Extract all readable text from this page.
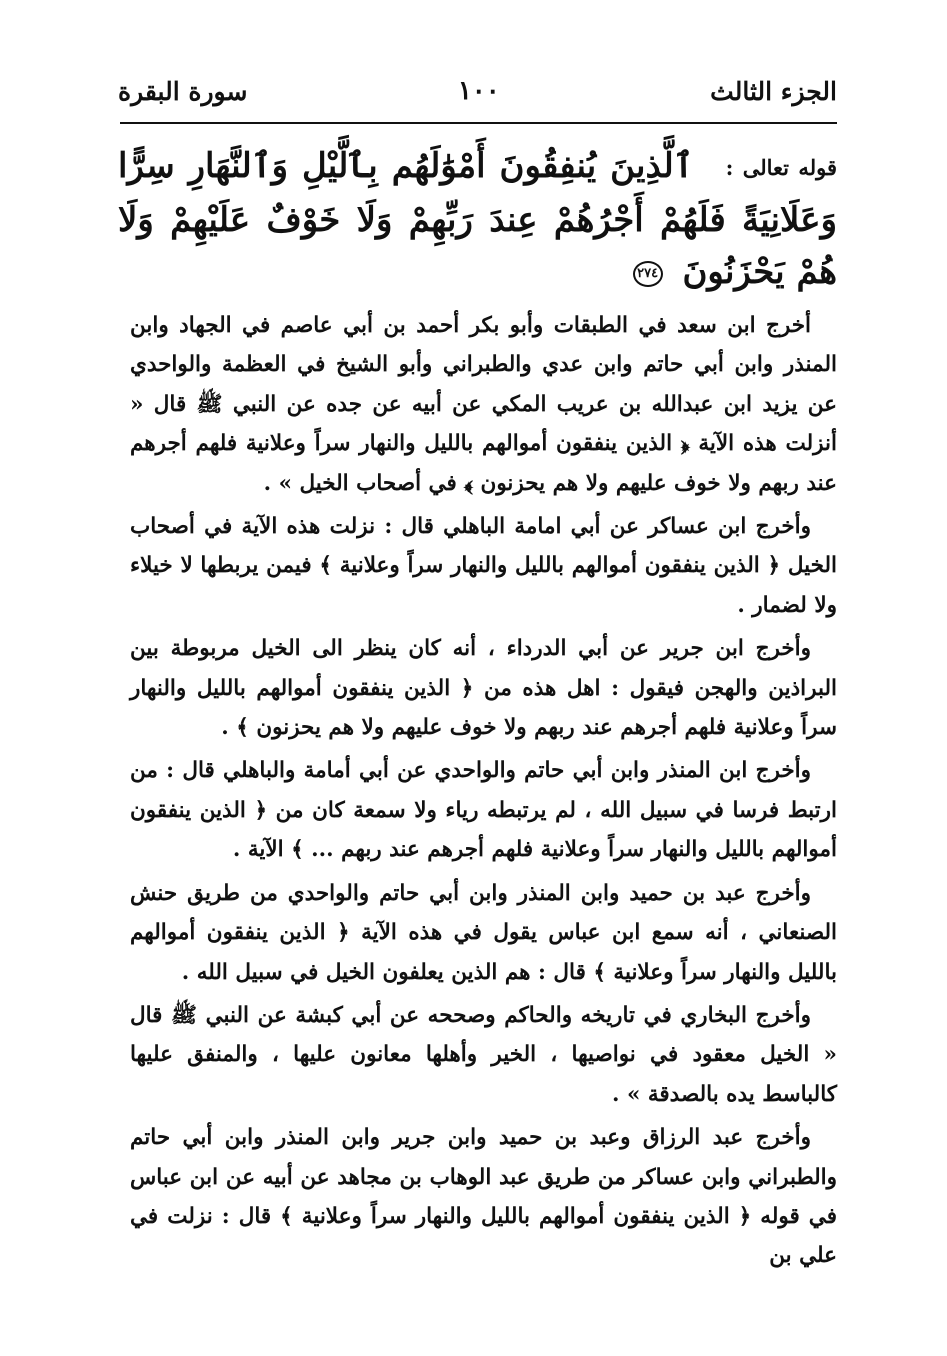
الجزء الثالث
١٠٠
سورة البقرة
قوله تعالى : ٱلَّذِينَ يُنفِقُونَ أَمْوَٰلَهُم بِٱلَّيْلِ وَٱلنَّهَارِ سِرًّا وَعَلَانِيَةً فَلَهُمْ أَجْرُهُمْ عِندَ رَبِّهِمْ وَلَا خَوْفٌ عَلَيْهِمْ وَلَا هُمْ يَحْزَنُونَ ٢٧٤

أخرج ابن سعد في الطبقات وأبو بكر أحمد بن أبي عاصم في الجهاد وابن المنذر وابن أبي حاتم وابن عدي والطبراني وأبو الشيخ في العظمة والواحدي عن يزيد ابن عبدالله بن عريب المكي عن أبيه عن جده عن النبي ﷺ قال « أنزلت هذه الآية ﴿ الذين ينفقون أموالهم بالليل والنهار سراً وعلانية فلهم أجرهم عند ربهم ولا خوف عليهم ولا هم يحزنون ﴾ في أصحاب الخيل » .

وأخرج ابن عساكر عن أبي امامة الباهلي قال : نزلت هذه الآية في أصحاب الخيل ﴿ الذين ينفقون أموالهم بالليل والنهار سراً وعلانية ﴾ فيمن يربطها لا خيلاء ولا لضمار .

وأخرج ابن جرير عن أبي الدرداء ، أنه كان ينظر الى الخيل مربوطة بين البراذين والهجن فيقول : اهل هذه من ﴿ الذين ينفقون أموالهم بالليل والنهار سراً وعلانية فلهم أجرهم عند ربهم ولا خوف عليهم ولا هم يحزنون ﴾ .

وأخرج ابن المنذر وابن أبي حاتم والواحدي عن أبي أمامة والباهلي قال : من ارتبط فرسا في سبيل الله ، لم يرتبطه رياء ولا سمعة كان من ﴿ الذين ينفقون أموالهم بالليل والنهار سراً وعلانية فلهم أجرهم عند ربهم ... ﴾ الآية .

وأخرج عبد بن حميد وابن المنذر وابن أبي حاتم والواحدي من طريق حنش الصنعاني ، أنه سمع ابن عباس يقول في هذه الآية ﴿ الذين ينفقون أموالهم بالليل والنهار سراً وعلانية ﴾ قال : هم الذين يعلفون الخيل في سبيل الله .

وأخرج البخاري في تاريخه والحاكم وصححه عن أبي كبشة عن النبي ﷺ قال « الخيل معقود في نواصيها ، الخير وأهلها معانون عليها ، والمنفق عليها كالباسط يده بالصدقة » .

وأخرج عبد الرزاق وعبد بن حميد وابن جرير وابن المنذر وابن أبي حاتم والطبراني وابن عساكر من طريق عبد الوهاب بن مجاهد عن أبيه عن ابن عباس في قوله ﴿ الذين ينفقون أموالهم بالليل والنهار سراً وعلانية ﴾ قال : نزلت في علي بن
